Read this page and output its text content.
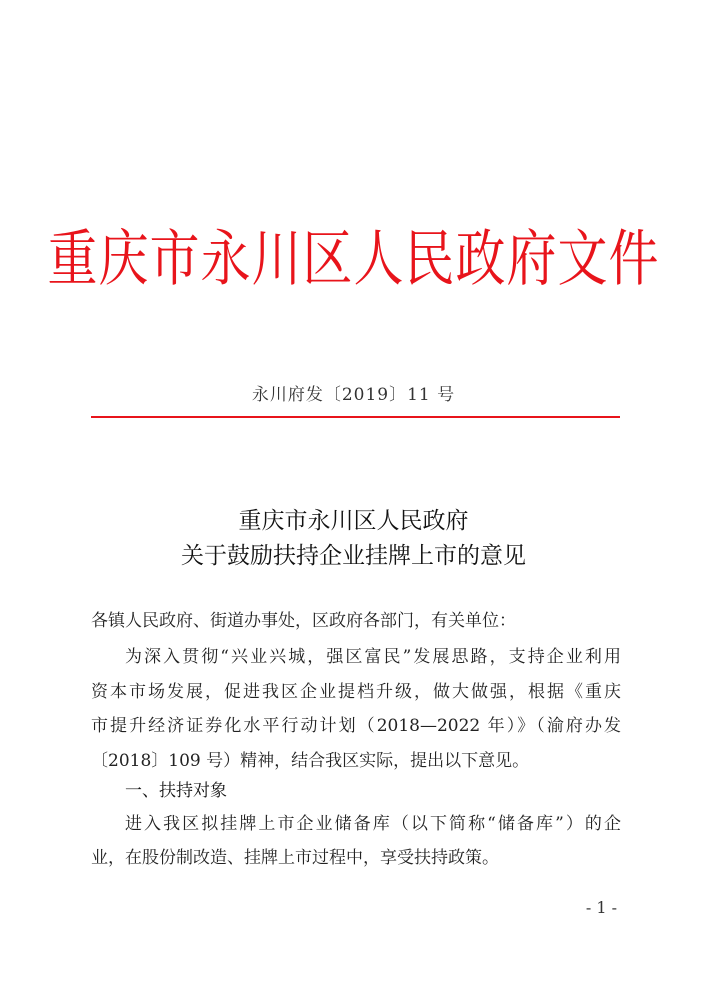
重庆市永川区人民政府文件
永川府发〔2019〕11 号
重庆市永川区人民政府
关于鼓励扶持企业挂牌上市的意见
各镇人民政府、街道办事处，区政府各部门，有关单位：
为深入贯彻“兴业兴城，强区富民”发展思路，支持企业利用
资本市场发展，促进我区企业提档升级，做大做强，根据《重庆
市提升经济证券化水平行动计划（2018—2022 年）》（渝府办发
〔2018〕109 号）精神，结合我区实际，提出以下意见。
一、扶持对象
进入我区拟挂牌上市企业储备库（以下简称“储备库”）的企
业，在股份制改造、挂牌上市过程中，享受扶持政策。
- 1 -
